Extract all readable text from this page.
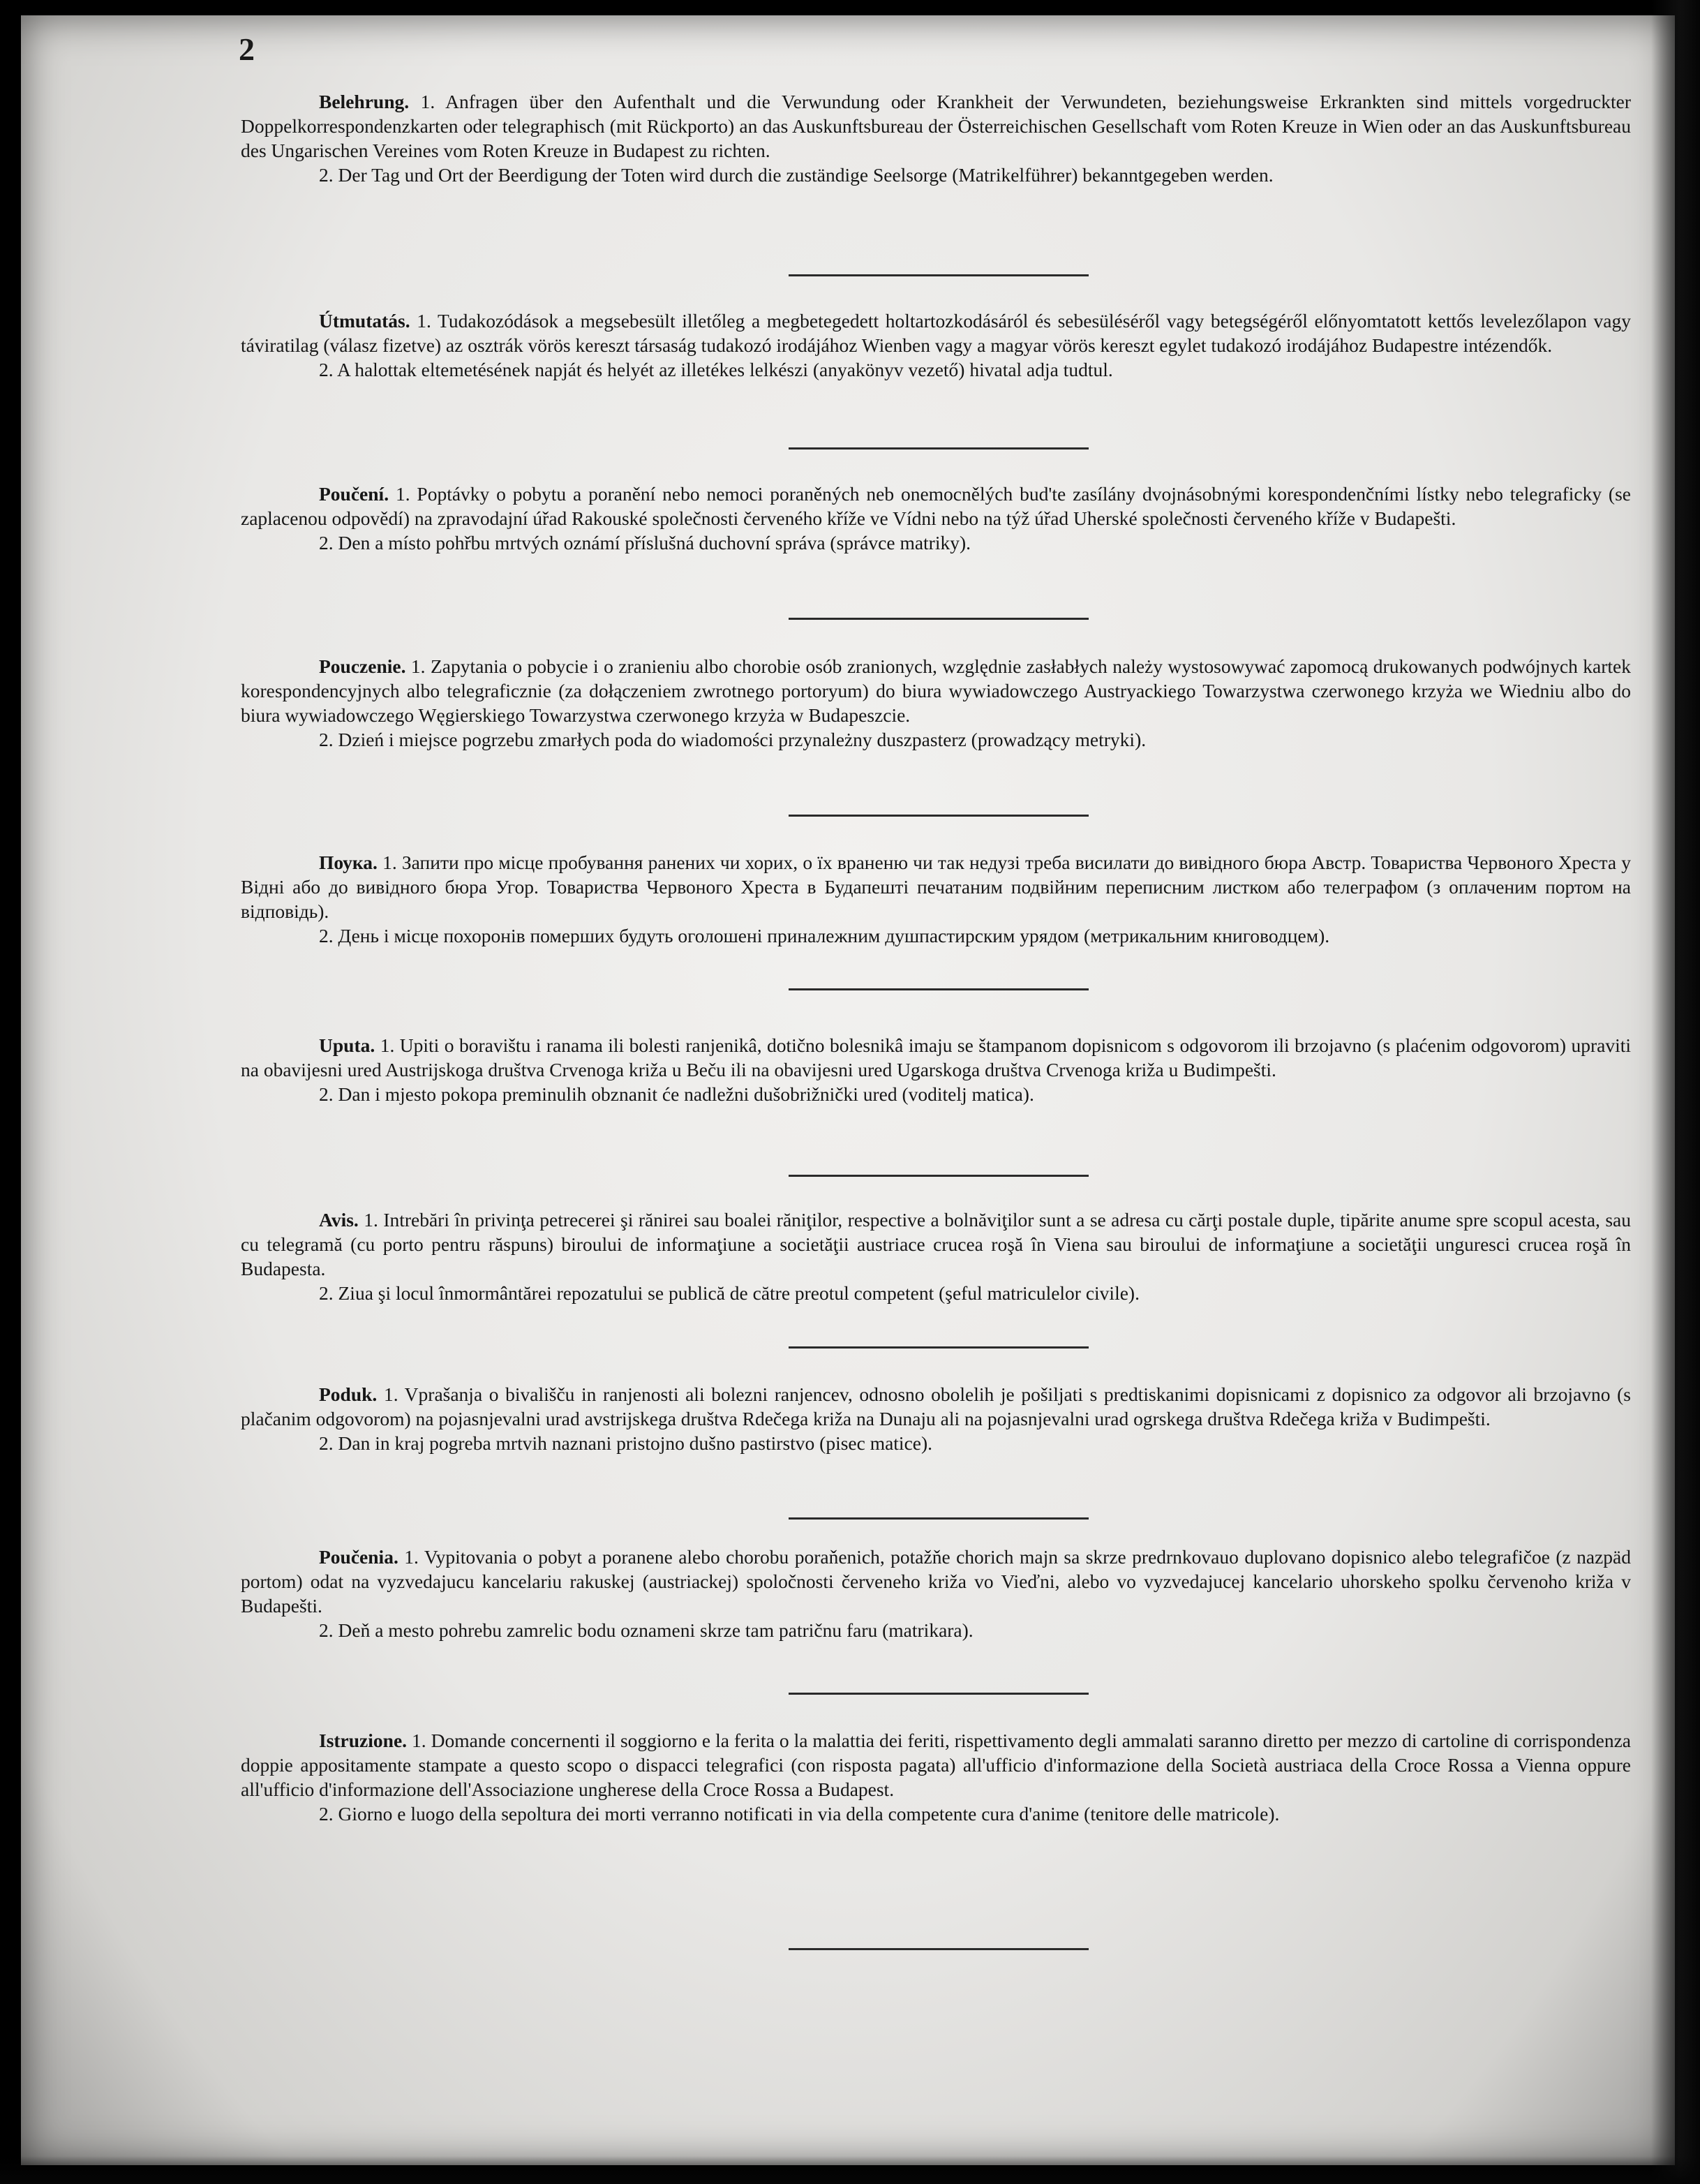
2

Belehrung. 1. Anfragen über den Aufenthalt und die Verwundung oder Krankheit der Verwundeten, beziehungsweise Erkrankten sind mittels vorgedruckter Doppelkorrespondenzkarten oder telegraphisch (mit Rückporto) an das Auskunftsbureau der Österreichischen Gesellschaft vom Roten Kreuze in Wien oder an das Auskunftsbureau des Ungarischen Vereines vom Roten Kreuze in Budapest zu richten.

2. Der Tag und Ort der Beerdigung der Toten wird durch die zuständige Seelsorge (Matrikelführer) bekanntgegeben werden.

Útmutatás. 1. Tudakozódások a megsebesült illetőleg a megbetegedett holtartozkodásáról és sebesüléséről vagy betegségéről előnyomtatott kettős levelezőlapon vagy táviratilag (válasz fizetve) az osztrák vörös kereszt társaság tudakozó irodájához Wienben vagy a magyar vörös kereszt egylet tudakozó irodájához Budapestre intézendők.

2. A halottak eltemetésének napját és helyét az illetékes lelkészi (anyakönyv vezető) hivatal adja tudtul.

Poučení. 1. Poptávky o pobytu a poranění nebo nemoci poraněných neb onemocnělých bud'te zasílány dvojnásobnými korespondenčními lístky nebo telegraficky (se zaplacenou odpovědí) na zpravodajní úřad Rakouské společnosti červeného kříže ve Vídni nebo na týž úřad Uherské společnosti červeného kříže v Budapešti.

2. Den a místo pohřbu mrtvých oznámí příslušná duchovní správa (správce matriky).

Pouczenie. 1. Zapytania o pobycie i o zranieniu albo chorobie osób zranionych, względnie zasłabłych należy wystosowywać zapomocą drukowanych podwójnych kartek korespondencyjnych albo telegraficznie (za dołączeniem zwrotnego portoryum) do biura wywiadowczego Austryackiego Towarzystwa czerwonego krzyża we Wiedniu albo do biura wywiadowczego Węgierskiego Towarzystwa czerwonego krzyża w Budapeszcie.

2. Dzień i miejsce pogrzebu zmarłych poda do wiadomości przynależny duszpasterz (prowadzący metryki).

Поука. 1. Запити про місце пробування ранених чи хорих, о їх враненю чи так недузі треба висилати до вивідного бюра Австр. Товариства Червоного Хреста у Відні або до вивідного бюра Угор. Товариства Червоного Хреста в Будапешті печатаним подвійним переписним листком або телеграфом (з оплаченим портом на відповідь).

2. День і місце похоронів померших будуть оголошені приналежним душпастирским урядом (метрикальним книговодцем).

Uputa. 1. Upiti o boravištu i ranama ili bolesti ranjenikâ, dotično bolesnikâ imaju se štampanom dopisnicom s odgovorom ili brzojavno (s plaćenim odgovorom) upraviti na obavijesni ured Austrijskoga društva Crvenoga križa u Beču ili na obavijesni ured Ugarskoga društva Crvenoga križa u Budimpešti.

2. Dan i mjesto pokopa preminulih obznanit će nadležni dušobrižnički ured (voditelj matica).

Avis. 1. Intrebări în privinţa petrecerei şi rănirei sau boalei răniţilor, respective a bolnăviţilor sunt a se adresa cu cărţi postale duple, tipărite anume spre scopul acesta, sau cu telegramă (cu porto pentru răspuns) biroului de informaţiune a societăţii austriace crucea roşă în Viena sau biroului de informaţiune a societăţii ungurescі crucea roşă în Budapesta.

2. Ziua şi locul înmormântărei repozatului se publică de către preotul competent (şeful matriculelor civile).

Poduk. 1. Vprašanja o bivališču in ranjenosti ali bolezni ranjencev, odnosno obolelih je pošiljati s predtiskanimi dopisnicami z dopisnico za odgovor ali brzojavno (s plačanim odgovorom) na pojasnjevalni urad avstrijskega društva Rdečega križa na Dunaju ali na pojasnjevalni urad ogrskega društva Rdečega križa v Budimpešti.

2. Dan in kraj pogreba mrtvih naznani pristojno dušno pastirstvo (pisec matice).

Poučenia. 1. Vypitovania o pobyt a poranene alebo chorobu poraňenich, potažňe chorich majn sa skrze predrnkovauo duplovano dopisnico alebo telegrafičoe (z nazpäd portom) odat na vyzvedajucu kancelariu rakuskej (austriackej) spoločnosti červeneho križa vo Vieďni, alebo vo vyzvedajucej kancelario uhorskeho spolku červenoho križa v Budapešti.

2. Deň a mesto pohrebu zamrelic bodu oznameni skrze tam patričnu faru (matrikara).

Istruzione. 1. Domande concernenti il soggiorno e la ferita o la malattia dei feriti, rispettivamento degli ammalati saranno diretto per mezzo di cartoline di corrispondenza doppie appositamente stampate a questo scopo o dispacci telegrafici (con risposta pagata) all'ufficio d'informazione della Società austriaca della Croce Rossa a Vienna oppure all'ufficio d'informazione dell'Associazione ungherese della Croce Rossa a Budapest.

2. Giorno e luogo della sepoltura dei morti verranno notificati in via della competente cura d'anime (tenitore delle matricole).
